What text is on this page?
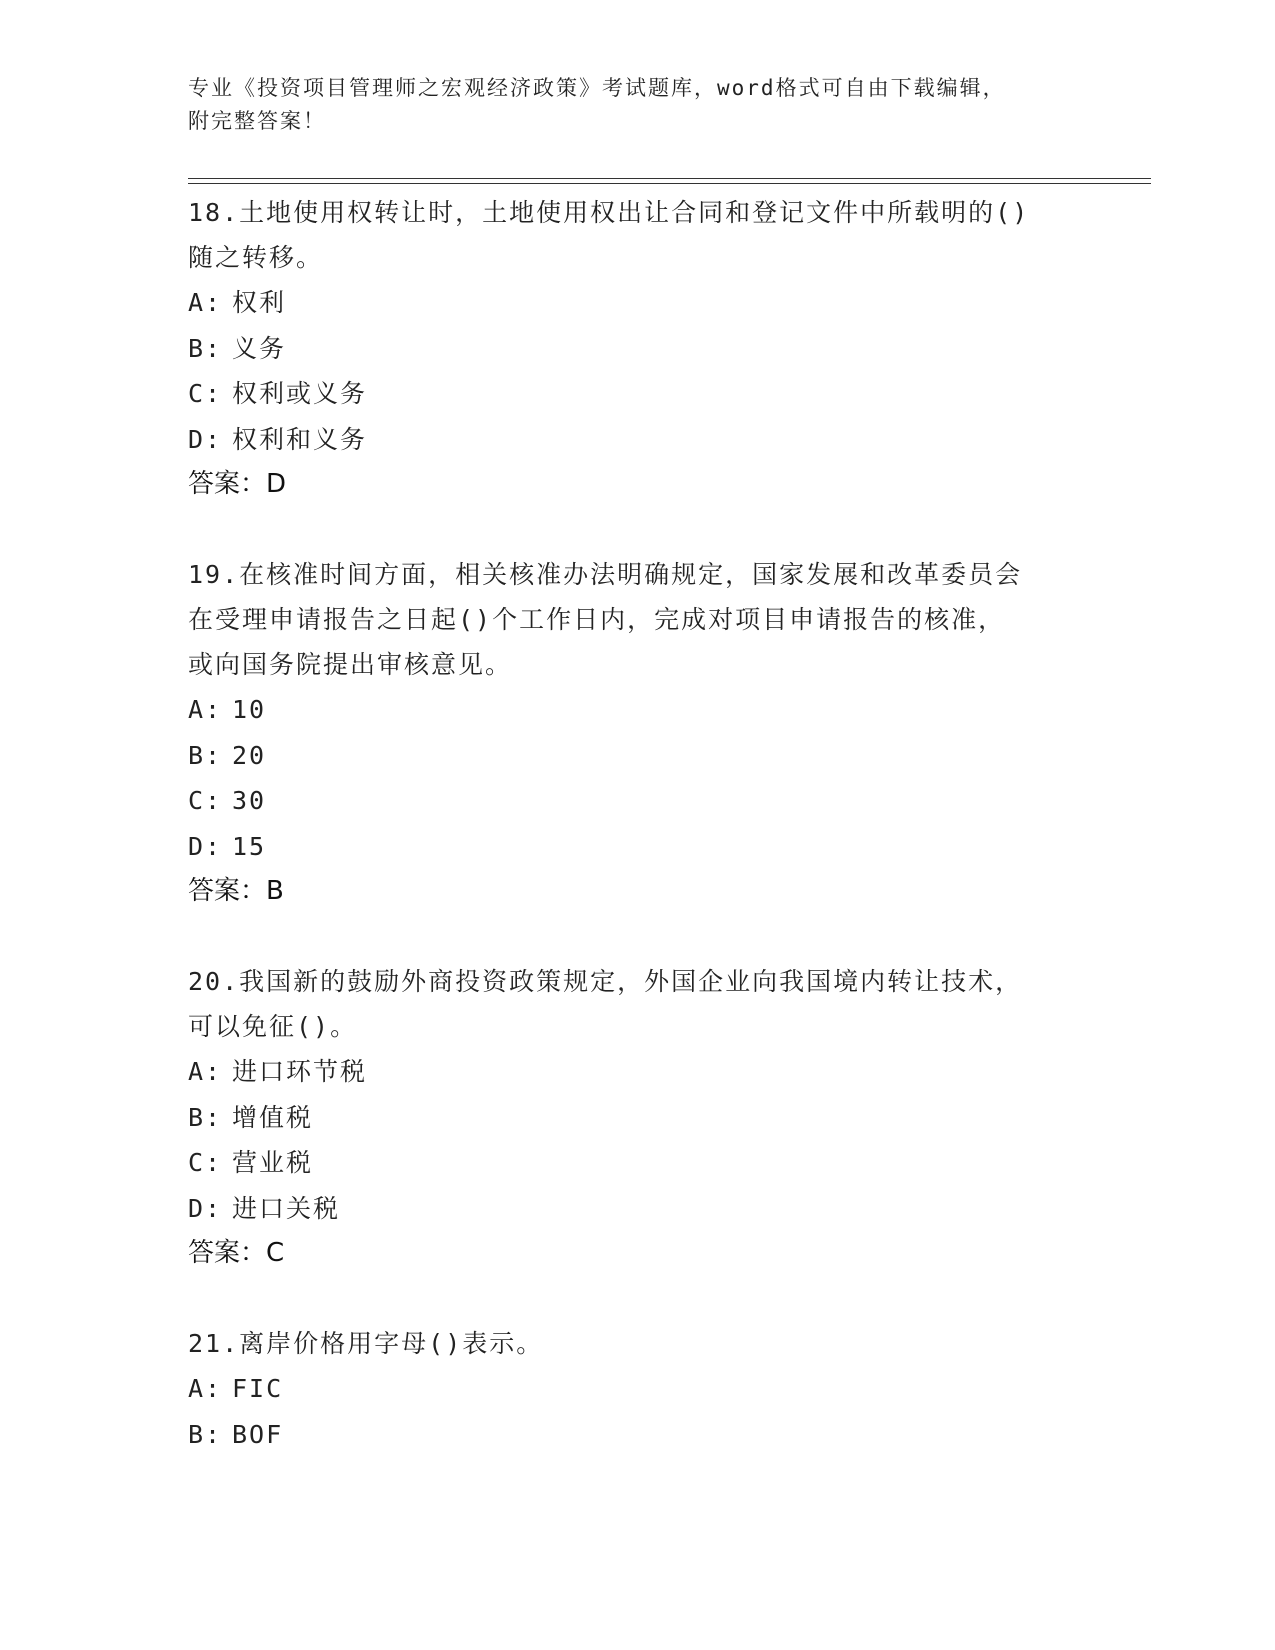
专业《投资项目管理师之宏观经济政策》考试题库，word格式可自由下载编辑，
附完整答案！
18.土地使用权转让时，土地使用权出让合同和登记文件中所载明的()
随之转移。
A: 权利
B: 义务
C: 权利或义务
D: 权利和义务
答案：D
19.在核准时间方面，相关核准办法明确规定，国家发展和改革委员会
在受理申请报告之日起()个工作日内，完成对项目申请报告的核准，
或向国务院提出审核意见。
A: 10
B: 20
C: 30
D: 15
答案：B
20.我国新的鼓励外商投资政策规定，外国企业向我国境内转让技术，
可以免征()。
A: 进口环节税
B: 增值税
C: 营业税
D: 进口关税
答案：C
21.离岸价格用字母()表示。
A: FIC
B: BOF
